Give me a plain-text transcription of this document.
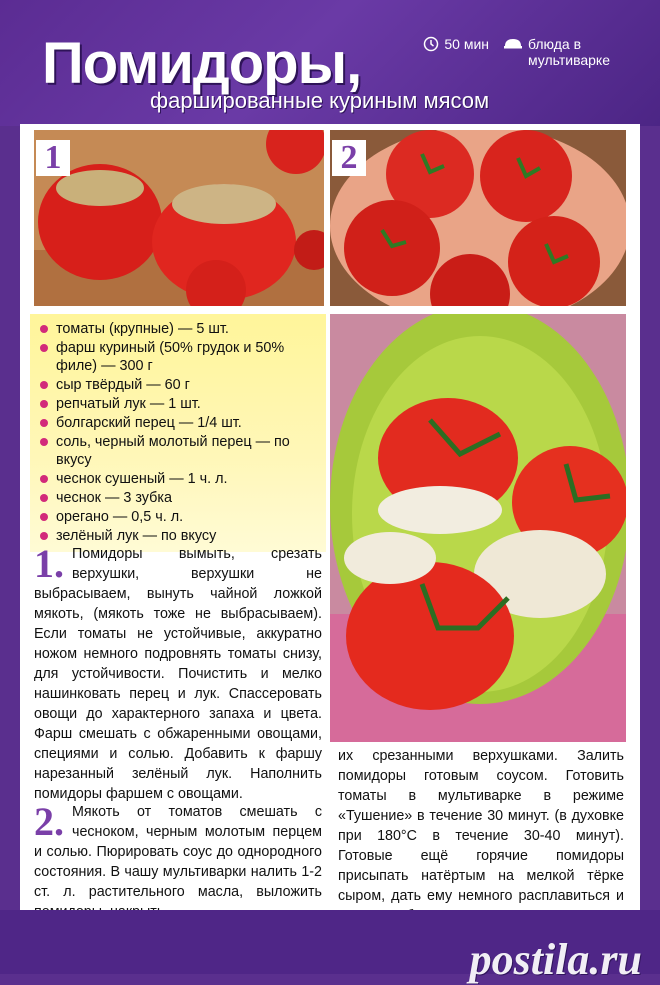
Помидоры,
фаршированные куриным мясом
50 мин	блюда в мультиварке
1	2
томаты (крупные) — 5 шт.
фарш куриный (50% грудок и 50% филе) — 300 г
сыр твёрдый — 60 г
репчатый лук — 1 шт.
болгарский перец — 1/4 шт.
соль, черный молотый перец — по вкусу
чеснок сушеный — 1 ч. л.
чеснок — 3 зубка
орегано — 0,5 ч. л.
зелёный лук — по вкусу
1. Помидоры вымыть, срезать верхушки, верхушки не выбрасываем, вынуть чайной ложкой мякоть, (мякоть тоже не выбрасываем). Если томаты не устойчивые, аккуратно ножом немного подровнять томаты снизу, для устойчивости. Почистить и мелко нашинковать перец и лук. Спассеровать овощи до характерного запаха и цвета. Фарш смешать с обжаренными овощами, специями и солью. Добавить к фаршу нарезанный зелёный лук. Наполнить помидоры фаршем с овощами.
2. Мякоть от томатов смешать с чесноком, черным молотым перцем и солью. Пюрировать соус до однородного состояния. В чашу мультиварки налить 1-2 ст. л. растительного масла, выложить
их срезанными верхушками. Залить помидоры готовым соусом. Готовить томаты в мультиварке в режиме «Тушение» в течение 30 минут. (в духовке при 180°С в течение 30-40 минут). Готовые ещё горячие помидоры присыпать натёртым на мелкой тёрке сыром, дать ему немного расплавиться и
postila.ru
